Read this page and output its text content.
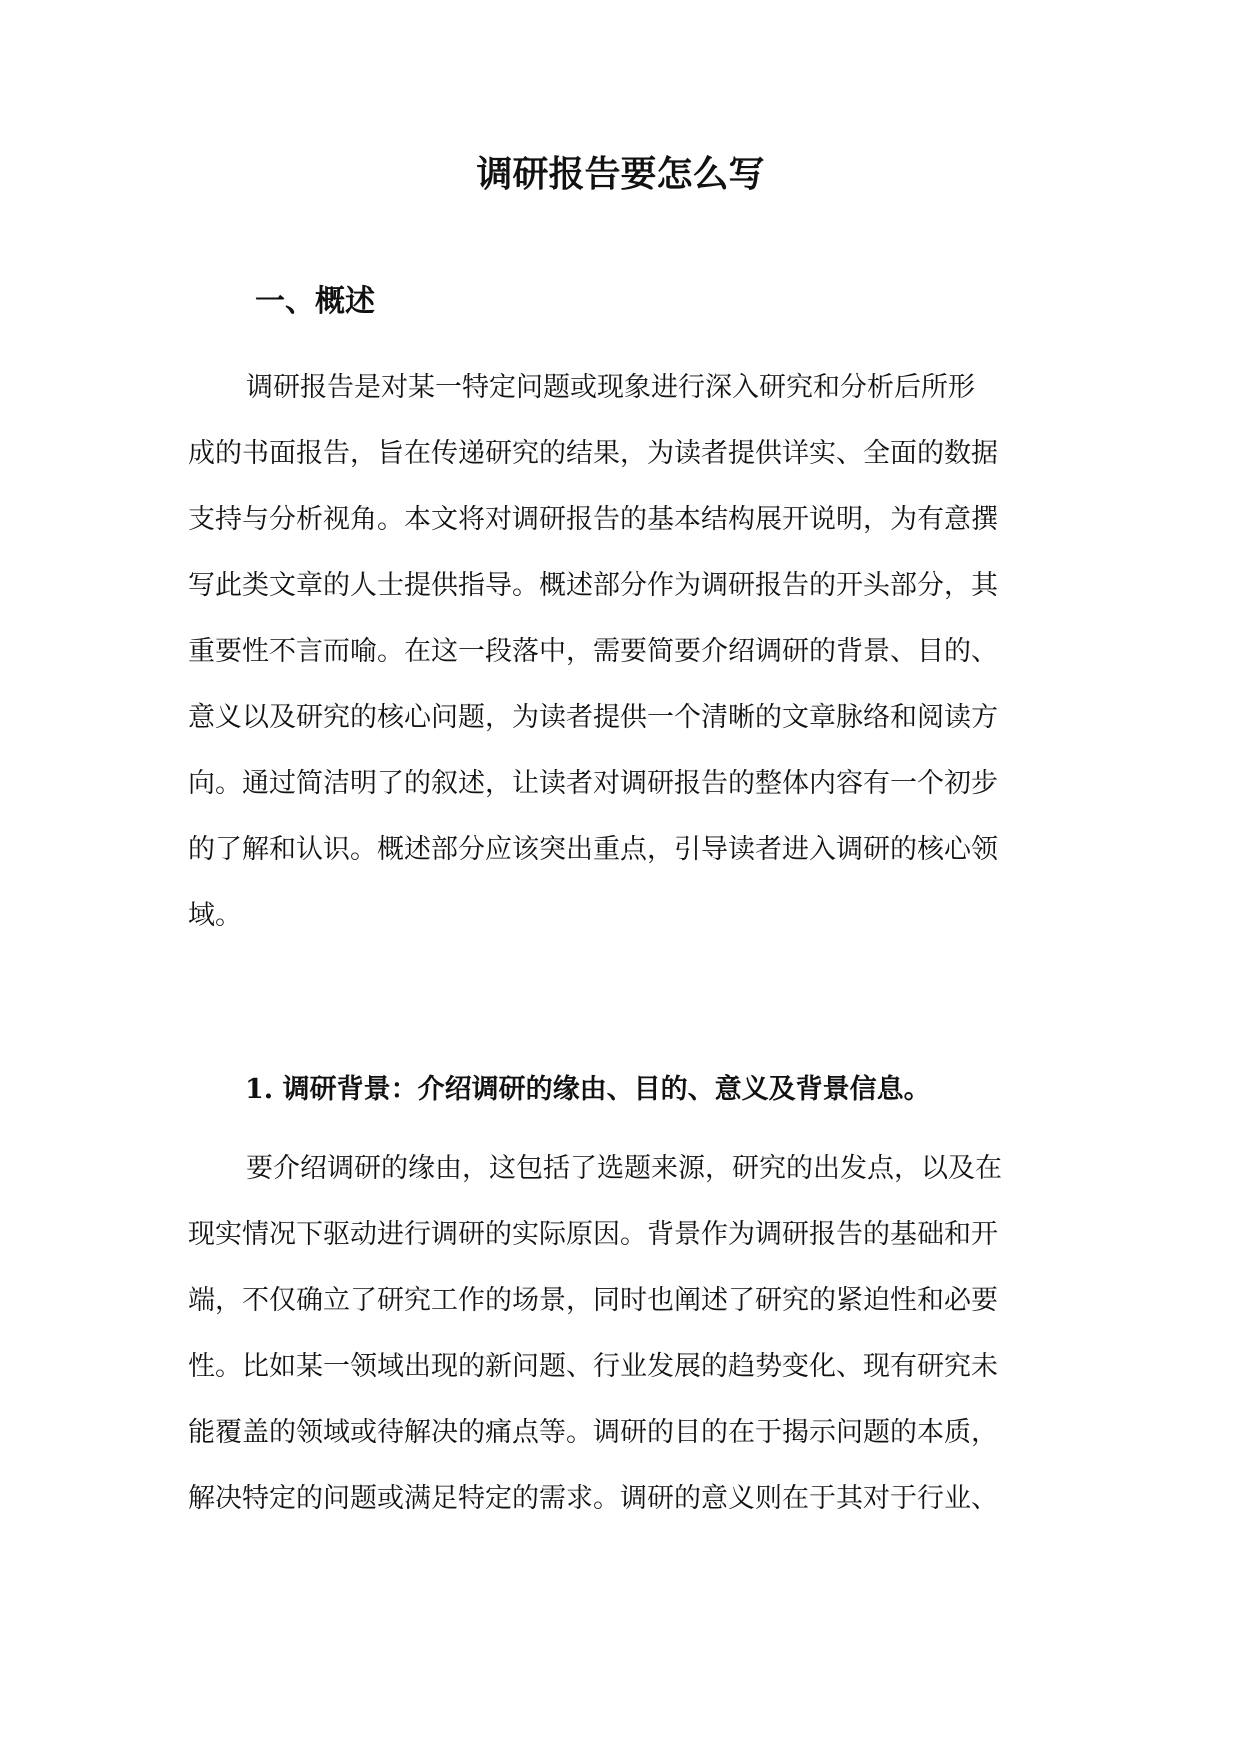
调研报告要怎么写
一、概述

调研报告是对某一特定问题或现象进行深入研究和分析后所形
成的书面报告，旨在传递研究的结果，为读者提供详实、全面的数据
支持与分析视角。本文将对调研报告的基本结构展开说明，为有意撰
写此类文章的人士提供指导。概述部分作为调研报告的开头部分，其
重要性不言而喻。在这一段落中，需要简要介绍调研的背景、目的、
意义以及研究的核心问题，为读者提供一个清晰的文章脉络和阅读方
向。通过简洁明了的叙述，让读者对调研报告的整体内容有一个初步
的了解和认识。概述部分应该突出重点，引导读者进入调研的核心领
域。

1. 调研背景：介绍调研的缘由、目的、意义及背景信息。

要介绍调研的缘由，这包括了选题来源，研究的出发点，以及在
现实情况下驱动进行调研的实际原因。背景作为调研报告的基础和开
端，不仅确立了研究工作的场景，同时也阐述了研究的紧迫性和必要
性。比如某一领域出现的新问题、行业发展的趋势变化、现有研究未
能覆盖的领域或待解决的痛点等。调研的目的在于揭示问题的本质，
解决特定的问题或满足特定的需求。调研的意义则在于其对于行业、
